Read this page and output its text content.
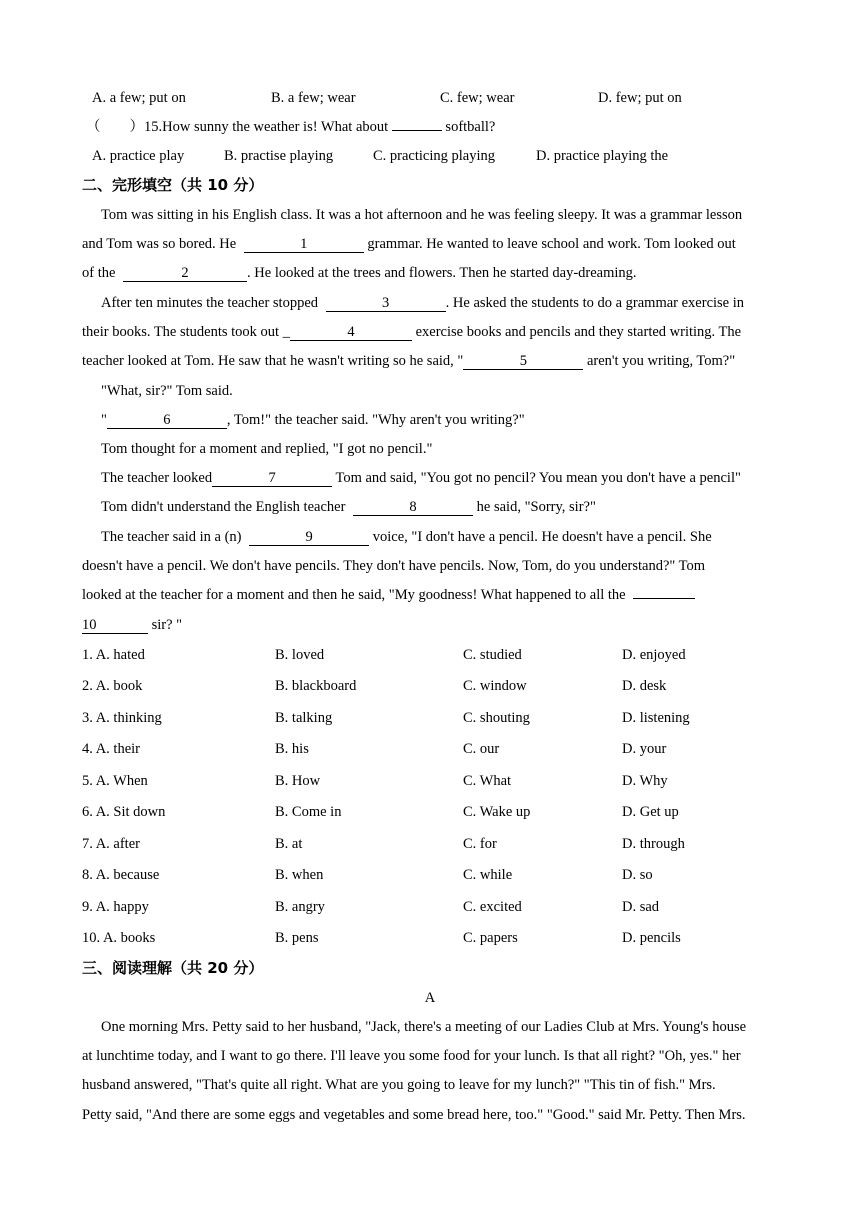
A. a few; put on	B. a few; wear	C. few; wear	D. few; put on
（　　）15.How sunny the weather is! What about	softball?
A. practice play	B. practise playing	C. practicing playing	D. practice playing the
二、完形填空（共 10 分）
Tom was sitting in his English class. It was a hot afternoon and he was feeling sleepy. It was a grammar lesson
and Tom was so bored. He	1	grammar. He wanted to leave school and work. Tom looked out
of the	2	. He looked at the trees and flowers. Then he started day-dreaming.
After ten minutes the teacher stopped	3	. He asked the students to do a grammar exercise in
their books. The students took out _	4	exercise books and pencils and they started writing. The
teacher looked at Tom. He saw that he wasn't writing so he said, "	5	aren't you writing, Tom?"
"What, sir?" Tom said.
"	6	, Tom!" the teacher said. "Why aren't you writing?"
Tom thought for a moment and replied, "I got no pencil."
The teacher looked	7	Tom and said, "You got no pencil? You mean you don't have a pencil"
Tom didn't understand the English teacher	8	he said, "Sorry, sir?"
The teacher said in a (n)	9	voice, "I don't have a pencil. He doesn't have a pencil. She
doesn't have a pencil. We don't have pencils. They don't have pencils. Now, Tom, do you understand?" Tom
looked at the teacher for a moment and then he said, "My goodness! What happened to all the
10	sir? "
1. A. hated	B. loved	C. studied	D. enjoyed
2. A. book	B. blackboard	C. window	D. desk
3. A. thinking	B. talking	C. shouting	D. listening
4. A. their	B. his	C. our	D. your
5. A. When	B. How	C. What	D. Why
6. A. Sit down	B. Come in	C. Wake up	D. Get up
7. A. after	B. at	C. for	D. through
8. A. because	B. when	C. while	D. so
9. A. happy	B. angry	C. excited	D. sad
10. A. books	B. pens	C. papers	D. pencils
三、阅读理解（共 20 分）
A
One morning Mrs. Petty said to her husband, "Jack, there's a meeting of our Ladies Club at Mrs. Young's house
at lunchtime today, and I want to go there. I'll leave you some food for your lunch. Is that all right? "Oh, yes." her
husband answered, "That's quite all right. What are you going to leave for my lunch?" "This tin of fish." Mrs.
Petty said, "And there are some eggs and vegetables and some bread here, too." "Good." said Mr. Petty. Then Mrs.
